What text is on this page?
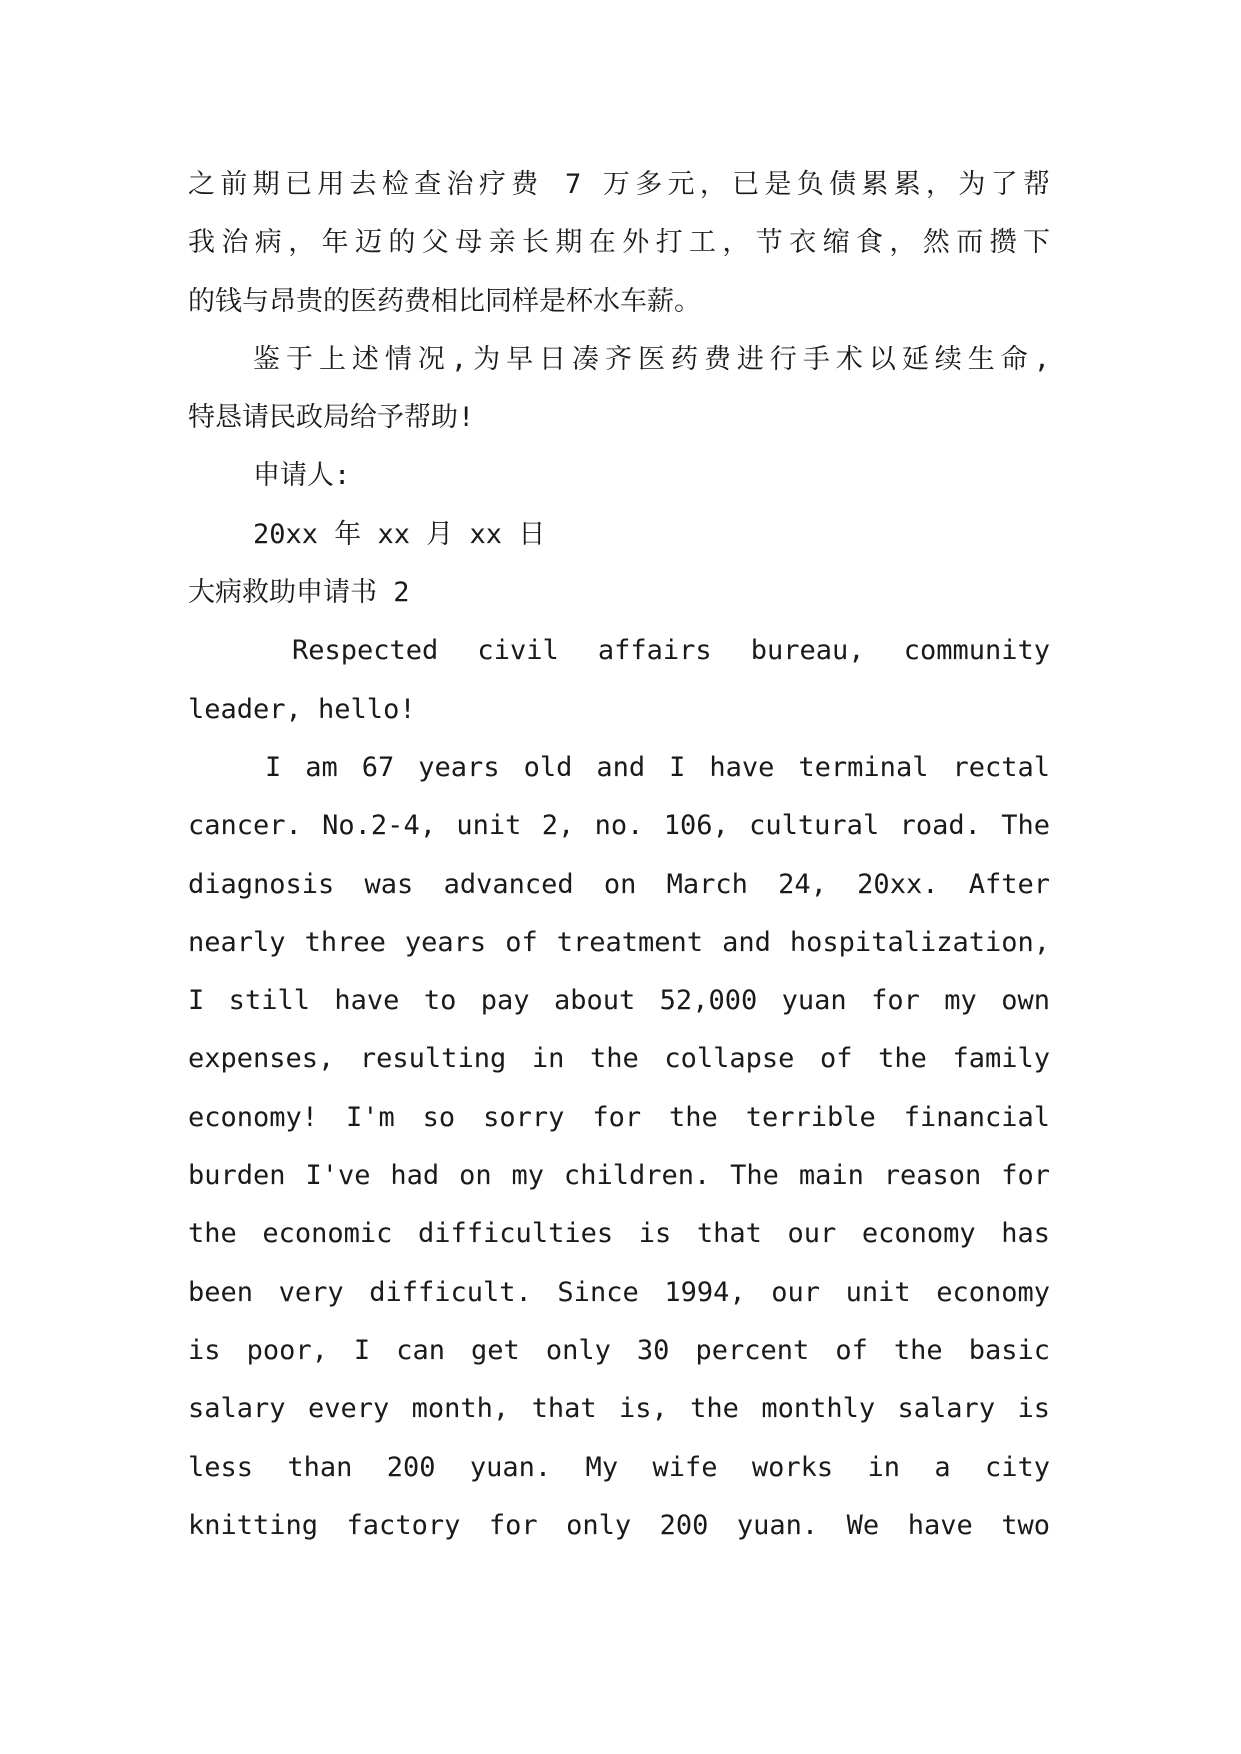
之前期已用去检查治疗费 7 万多元，已是负债累累，为了帮
我治病，年迈的父母亲长期在外打工，节衣缩食，然而攒下
的钱与昂贵的医药费相比同样是杯水车薪。
鉴于上述情况,为早日凑齐医药费进行手术以延续生命,
特恳请民政局给予帮助!
申请人:
20xx 年 xx 月 xx 日
大病救助申请书 2
Respected civil affairs bureau, community
leader, hello!
I am 67 years old and I have terminal rectal
cancer. No.2-4, unit 2, no. 106, cultural road. The
diagnosis was advanced on March 24, 20xx. After
nearly three years of treatment and hospitalization,
I still have to pay about 52,000 yuan for my own
expenses, resulting in the collapse of the family
economy! I'm so sorry for the terrible financial
burden I've had on my children. The main reason for
the economic difficulties is that our economy has
been very difficult. Since 1994, our unit economy
is poor, I can get only 30 percent of the basic
salary every month, that is, the monthly salary is
less than 200 yuan. My wife works in a city
knitting factory for only 200 yuan. We have two
